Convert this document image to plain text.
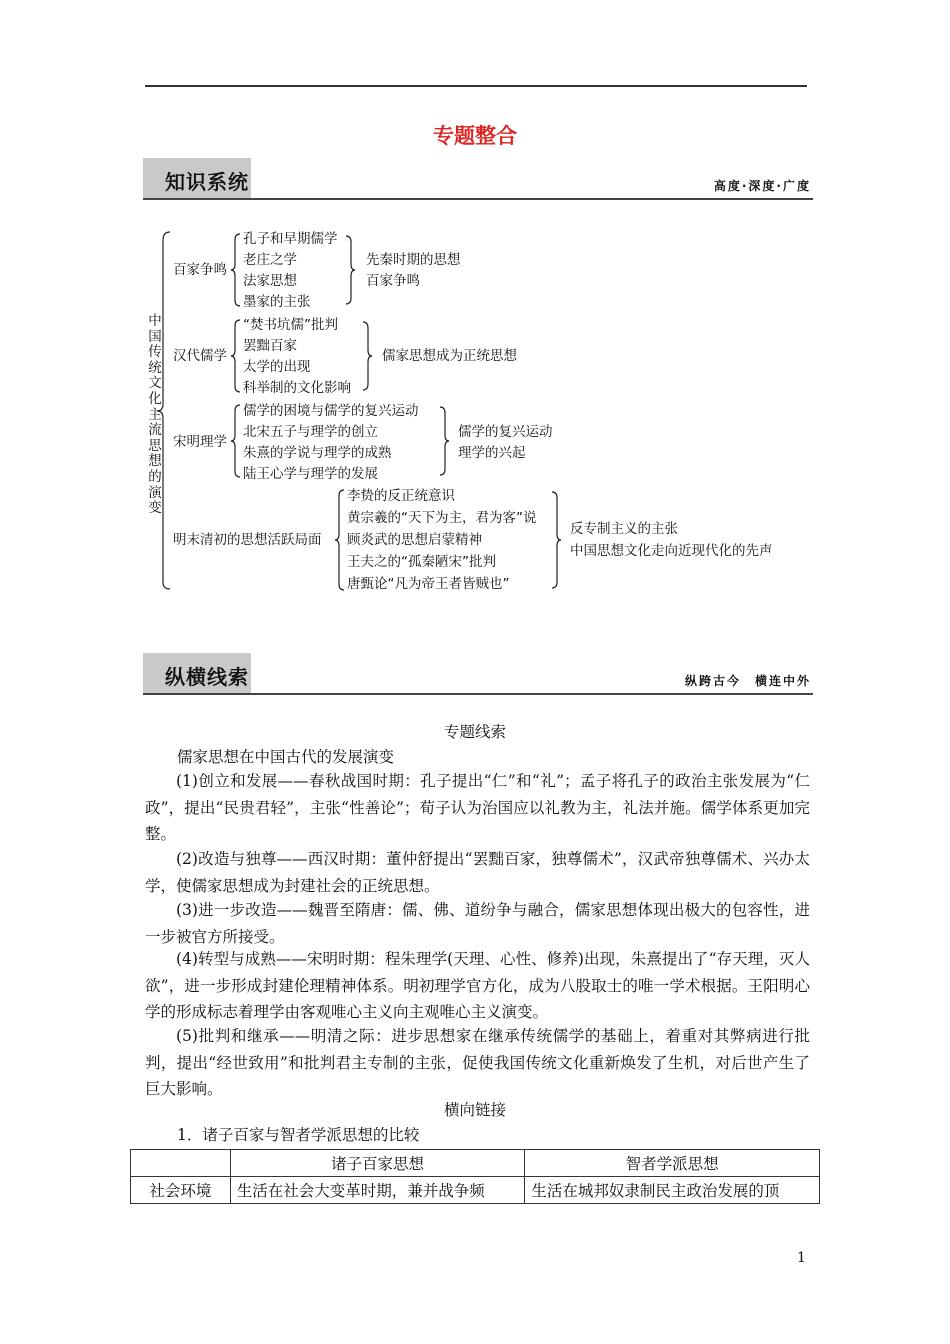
专题整合
知识系统	高度·深度·广度
中国传统文化主流思想的演变
百家争鸣
孔子和早期儒学
老庄之学
法家思想
墨家的主张
先秦时期的思想
百家争鸣
汉代儒学
“焚书坑儒”批判
罢黜百家
太学的出现
科举制的文化影响
儒家思想成为正统思想
宋明理学
儒学的困境与儒学的复兴运动
北宋五子与理学的创立
朱熹的学说与理学的成熟
陆王心学与理学的发展
儒学的复兴运动
理学的兴起
明末清初的思想活跃局面
李贽的反正统意识
黄宗羲的“天下为主，君为客”说
顾炎武的思想启蒙精神
王夫之的“孤秦陋宋”批判
唐甄论“凡为帝王者皆贼也”
反专制主义的主张
中国思想文化走向近现代化的先声
纵横线索	纵跨古今　横连中外
专题线索
儒家思想在中国古代的发展演变
(1)创立和发展——春秋战国时期：孔子提出“仁”和“礼”；孟子将孔子的政治主张发展为“仁政”，提出“民贵君轻”，主张“性善论”；荀子认为治国应以礼教为主，礼法并施。儒学体系更加完整。
(2)改造与独尊——西汉时期：董仲舒提出“罢黜百家，独尊儒术”，汉武帝独尊儒术、兴办太学，使儒家思想成为封建社会的正统思想。
(3)进一步改造——魏晋至隋唐：儒、佛、道纷争与融合，儒家思想体现出极大的包容性，进一步被官方所接受。
(4)转型与成熟——宋明时期：程朱理学(天理、心性、修养)出现，朱熹提出了“存天理，灭人欲”，进一步形成封建伦理精神体系。明初理学官方化，成为八股取士的唯一学术根据。王阳明心学的形成标志着理学由客观唯心主义向主观唯心主义演变。
(5)批判和继承——明清之际：进步思想家在继承传统儒学的基础上，着重对其弊病进行批判，提出“经世致用”和批判君主专制的主张，促使我国传统文化重新焕发了生机，对后世产生了巨大影响。
横向链接
1．诸子百家与智者学派思想的比较
	诸子百家思想	智者学派思想
社会环境	生活在社会大变革时期，兼并战争频	生活在城邦奴隶制民主政治发展的顶
1
